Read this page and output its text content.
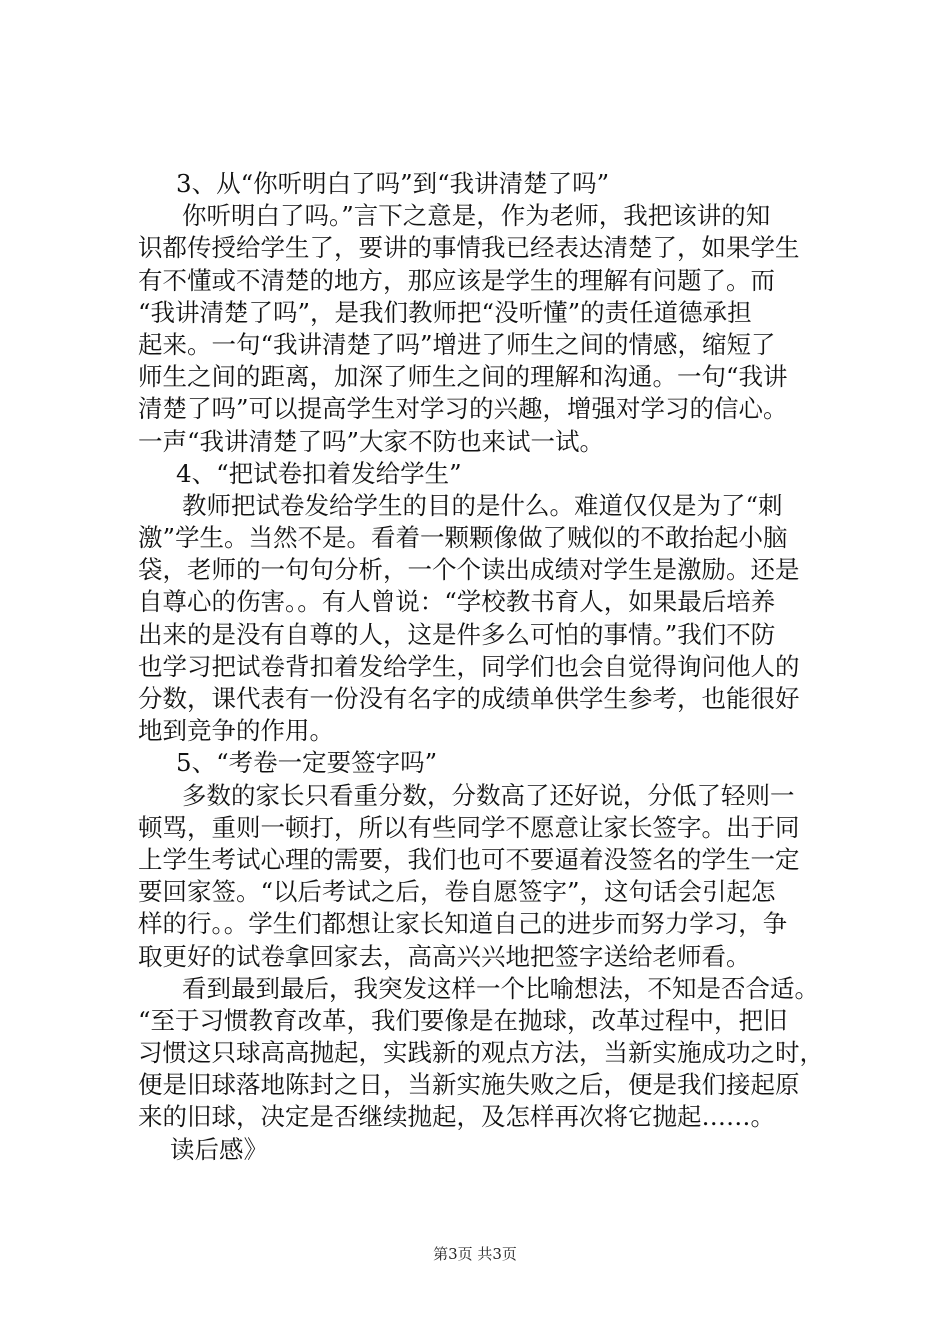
3、从“你听明白了吗”到“我讲清楚了吗”
你听明白了吗。”言下之意是，作为老师，我把该讲的知
识都传授给学生了，要讲的事情我已经表达清楚了，如果学生
有不懂或不清楚的地方，那应该是学生的理解有问题了。而
“我讲清楚了吗”，是我们教师把“没听懂”的责任道德承担
起来。一句“我讲清楚了吗”增进了师生之间的情感，缩短了
师生之间的距离，加深了师生之间的理解和沟通。一句“我讲
清楚了吗”可以提高学生对学习的兴趣，增强对学习的信心。
一声“我讲清楚了吗”大家不防也来试一试。
4、“把试卷扣着发给学生”
教师把试卷发给学生的目的是什么。难道仅仅是为了“刺
激”学生。当然不是。看着一颗颗像做了贼似的不敢抬起小脑
袋，老师的一句句分析，一个个读出成绩对学生是激励。还是
自尊心的伤害。。有人曾说：“学校教书育人，如果最后培养
出来的是没有自尊的人，这是件多么可怕的事情。”我们不防
也学习把试卷背扣着发给学生，同学们也会自觉得询问他人的
分数，课代表有一份没有名字的成绩单供学生参考，也能很好
地到竞争的作用。
5、“考卷一定要签字吗”
多数的家长只看重分数，分数高了还好说，分低了轻则一
顿骂，重则一顿打，所以有些同学不愿意让家长签字。出于同
上学生考试心理的需要，我们也可不要逼着没签名的学生一定
要回家签。“以后考试之后，卷自愿签字”，这句话会引起怎
样的行。。学生们都想让家长知道自己的进步而努力学习，争
取更好的试卷拿回家去，高高兴兴地把签字送给老师看。
看到最到最后，我突发这样一个比喻想法，不知是否合适。
“至于习惯教育改革，我们要像是在抛球，改革过程中，把旧
习惯这只球高高抛起，实践新的观点方法，当新实施成功之时，
便是旧球落地陈封之日，当新实施失败之后，便是我们接起原
来的旧球，决定是否继续抛起，及怎样再次将它抛起……。
读后感》
第3页 共3页
